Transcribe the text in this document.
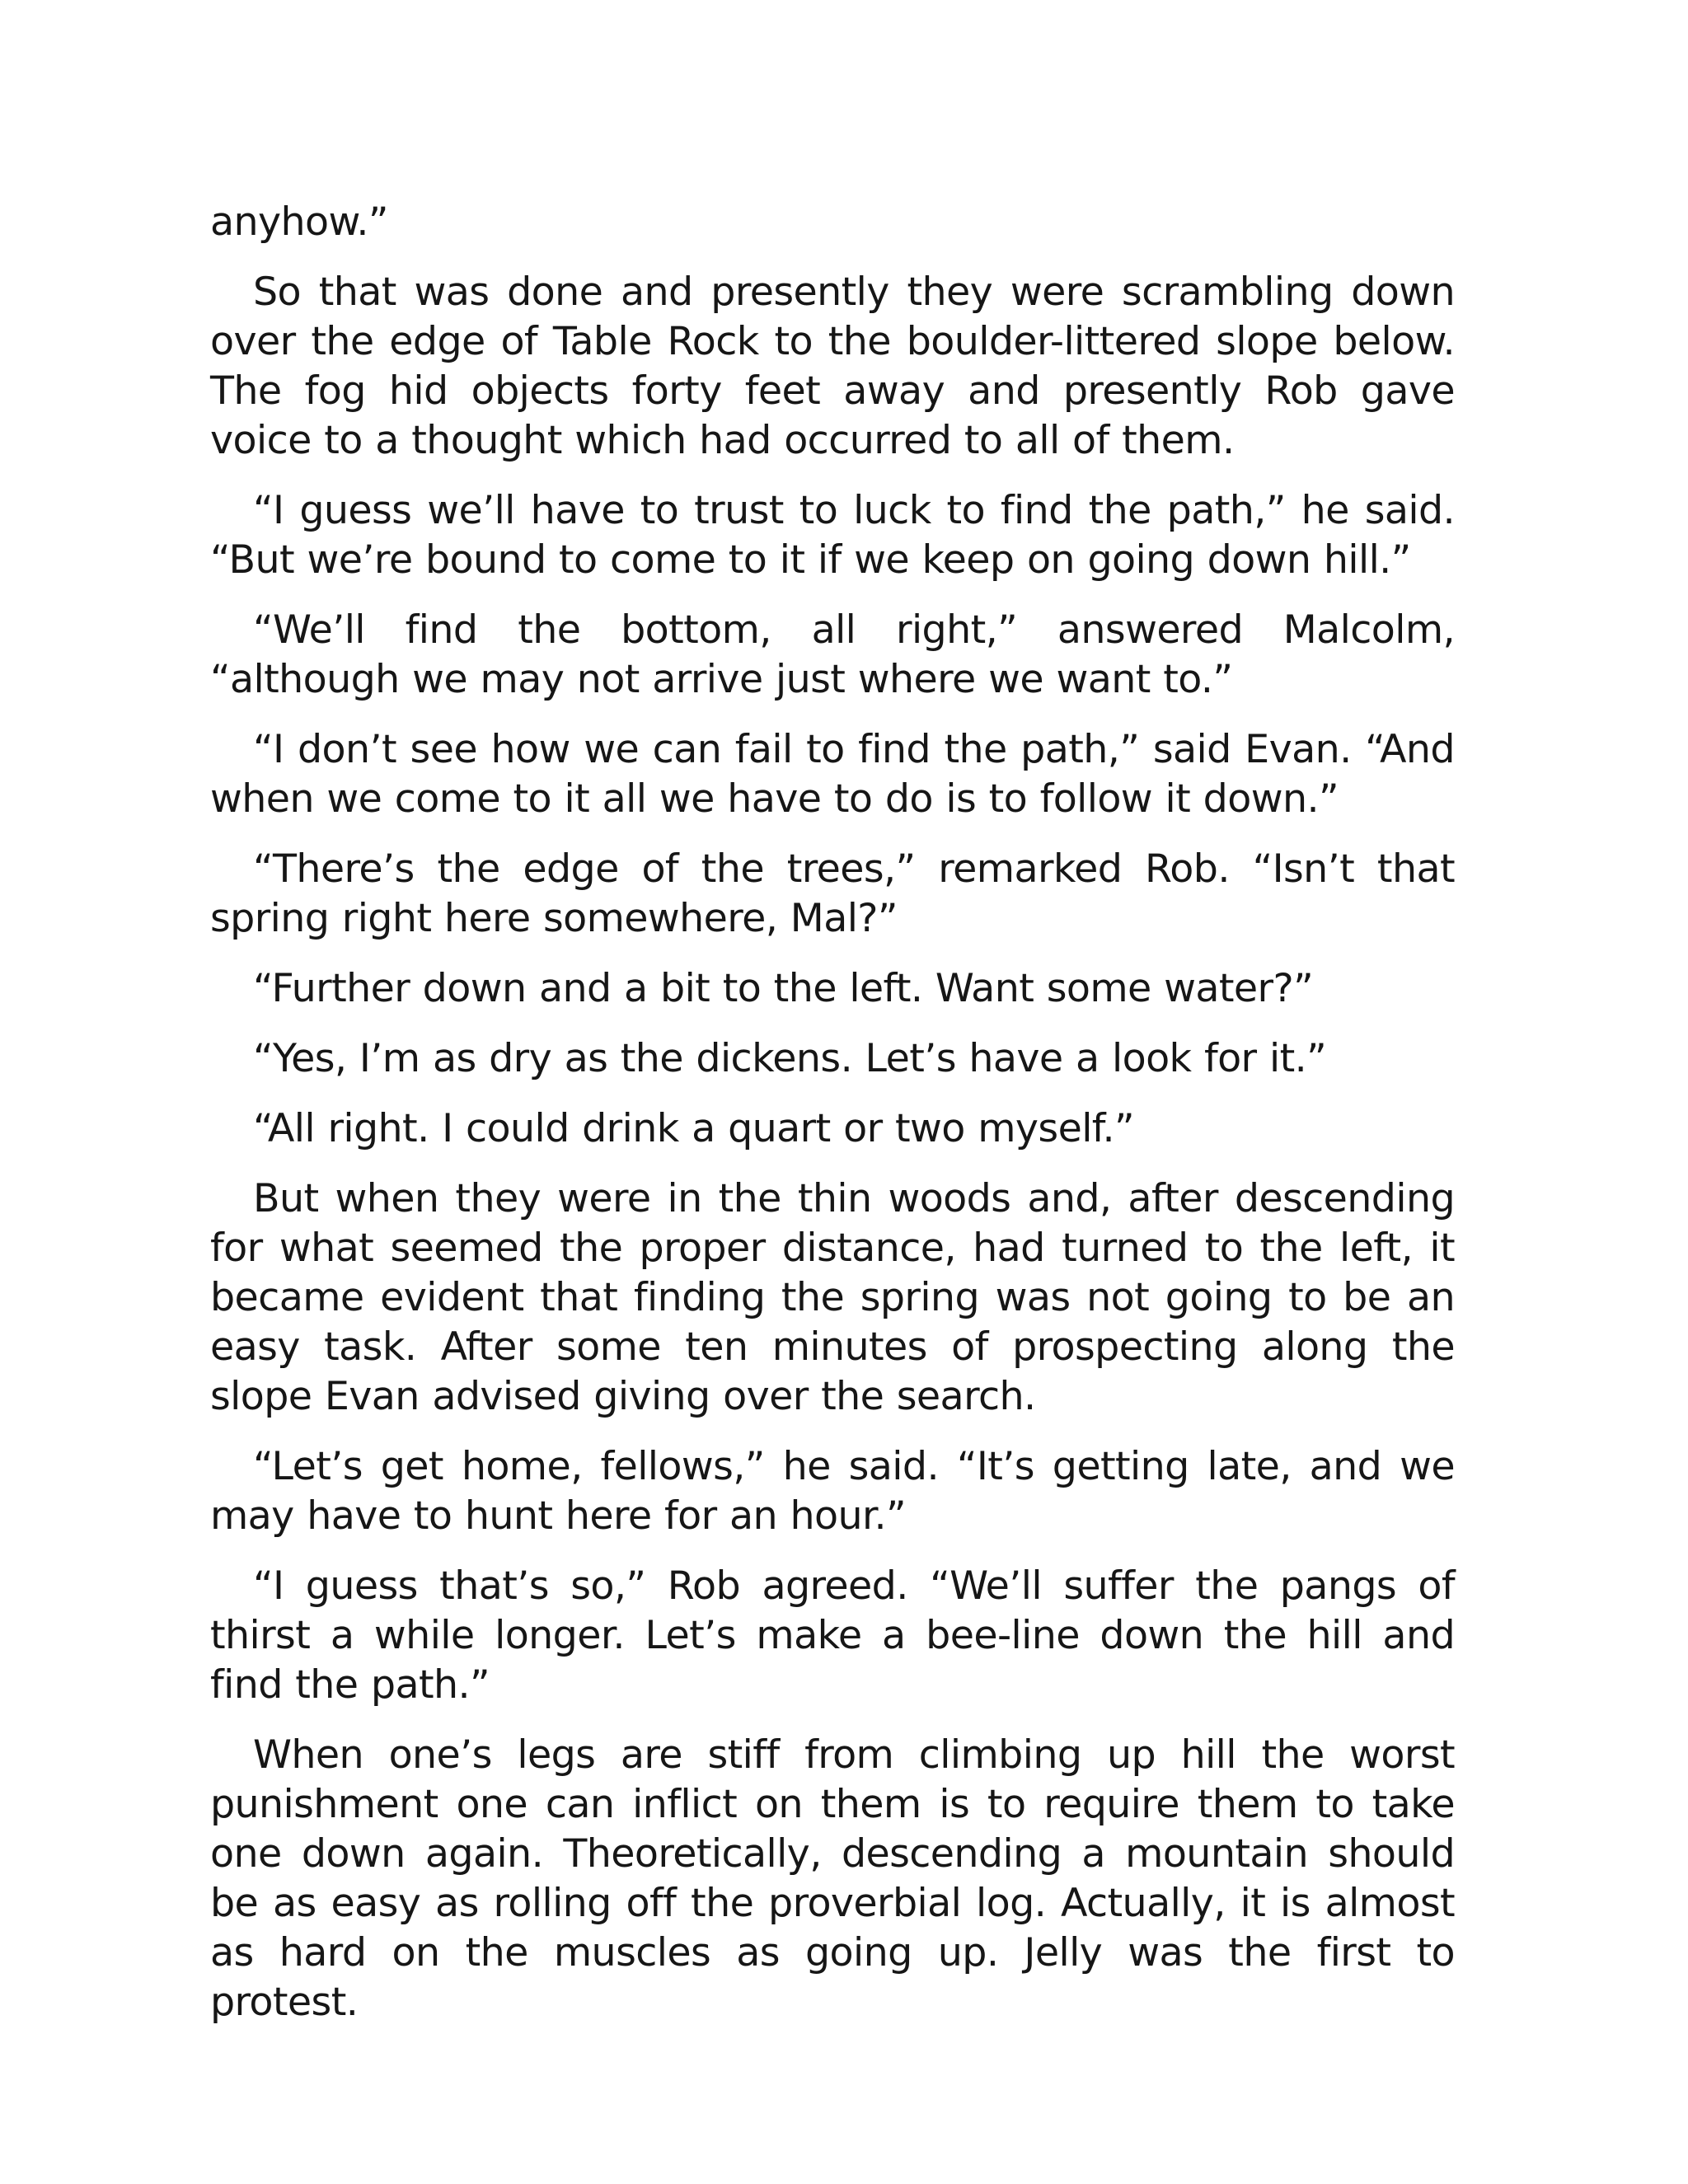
anyhow.”

So that was done and presently they were scrambling down over the edge of Table Rock to the boulder-littered slope below. The fog hid objects forty feet away and presently Rob gave voice to a thought which had occurred to all of them.

“I guess we’ll have to trust to luck to find the path,” he said. “But we’re bound to come to it if we keep on going down hill.”

“We’ll find the bottom, all right,” answered Malcolm, “although we may not arrive just where we want to.”

“I don’t see how we can fail to find the path,” said Evan. “And when we come to it all we have to do is to follow it down.”

“There’s the edge of the trees,” remarked Rob. “Isn’t that spring right here somewhere, Mal?”

“Further down and a bit to the left. Want some water?”

“Yes, I’m as dry as the dickens. Let’s have a look for it.”

“All right. I could drink a quart or two myself.”

But when they were in the thin woods and, after descending for what seemed the proper distance, had turned to the left, it became evident that finding the spring was not going to be an easy task. After some ten minutes of prospecting along the slope Evan advised giving over the search.

“Let’s get home, fellows,” he said. “It’s getting late, and we may have to hunt here for an hour.”

“I guess that’s so,” Rob agreed. “We’ll suffer the pangs of thirst a while longer. Let’s make a bee-line down the hill and find the path.”

When one’s legs are stiff from climbing up hill the worst punishment one can inflict on them is to require them to take one down again. Theoretically, descending a mountain should be as easy as rolling off the proverbial log. Actually, it is almost as hard on the muscles as going up. Jelly was the first to protest.
